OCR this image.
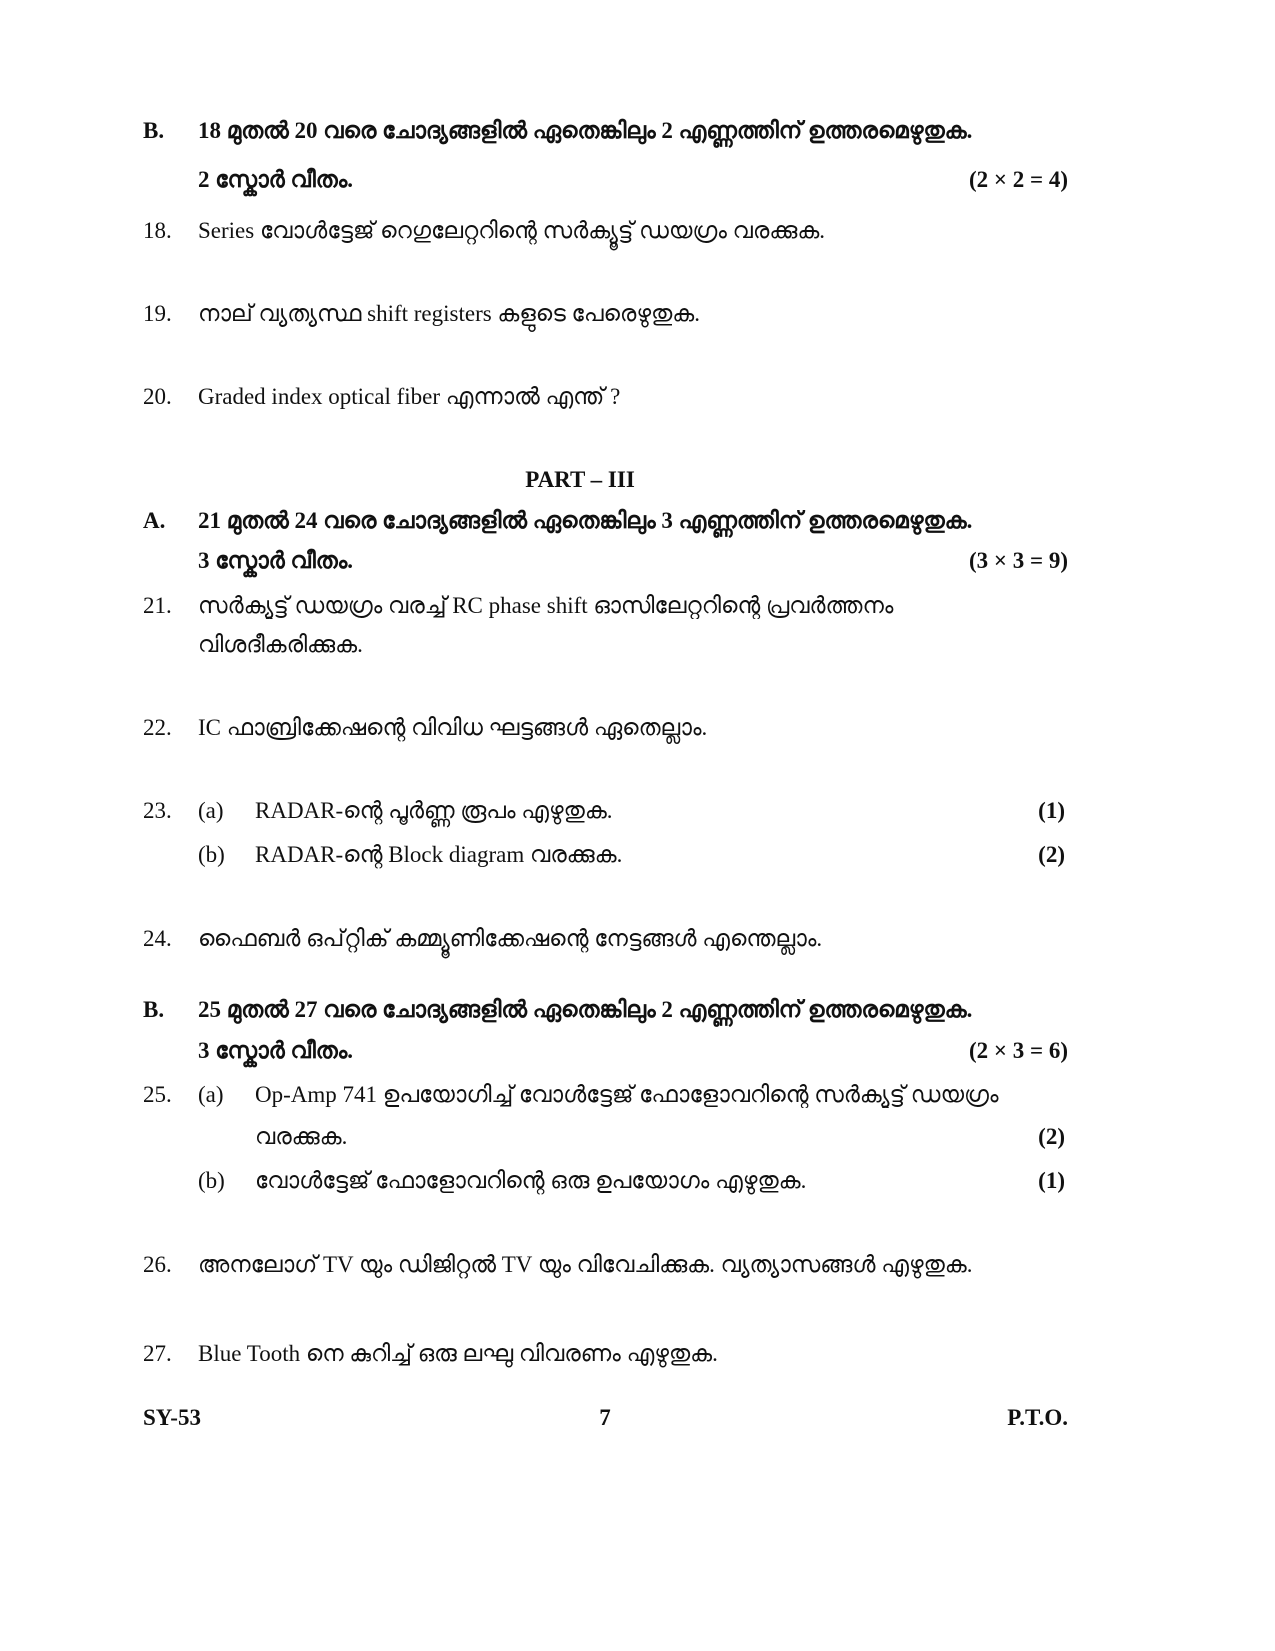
B. 18 മുതൽ 20 വരെ ചോദ്യങ്ങളിൽ ഏതെങ്കിലും 2 എണ്ണത്തിന് ഉത്തരമെഴുതുക.
2 സ്കോർ വീതം.	(2 × 2 = 4)
18. Series വോൾട്ടേജ് റെഗുലേറ്ററിന്റെ സർക്യൂട്ട് ഡയഗ്രം വരക്കുക.
19. നാല് വ്യത്യസ്ഥ shift registers കളുടെ പേരെഴുതുക.
20. Graded index optical fiber എന്നാൽ എന്ത് ?
PART – III
A. 21 മുതൽ 24 വരെ ചോദ്യങ്ങളിൽ ഏതെങ്കിലും 3 എണ്ണത്തിന് ഉത്തരമെഴുതുക.
3 സ്കോർ വീതം.	(3 × 3 = 9)
21. സർക്യൂട്ട് ഡയഗ്രം വരച്ച് RC phase shift ഓസിലേറ്ററിന്റെ പ്രവർത്തനം
വിശദീകരിക്കുക.
22. IC ഫാബ്രിക്കേഷന്റെ വിവിധ ഘട്ടങ്ങൾ ഏതെല്ലാം.
23. (a) RADAR-ന്റെ പൂർണ്ണ രൂപം എഴുതുക.	(1)
(b) RADAR-ന്റെ Block diagram വരക്കുക.	(2)
24. ഫൈബർ ഒപ്റ്റിക് കമ്മ്യൂണിക്കേഷന്റെ നേട്ടങ്ങൾ എന്തെല്ലാം.
B. 25 മുതൽ 27 വരെ ചോദ്യങ്ങളിൽ ഏതെങ്കിലും 2 എണ്ണത്തിന് ഉത്തരമെഴുതുക.
3 സ്കോർ വീതം.	(2 × 3 = 6)
25. (a) Op-Amp 741 ഉപയോഗിച്ച് വോൾട്ടേജ് ഫോളോവറിന്റെ സർക്യൂട്ട് ഡയഗ്രം
വരക്കുക.	(2)
(b) വോൾട്ടേജ് ഫോളോവറിന്റെ ഒരു ഉപയോഗം എഴുതുക.	(1)
26. അനലോഗ് TV യും ഡിജിറ്റൽ TV യും വിവേചിക്കുക. വ്യത്യാസങ്ങൾ എഴുതുക.
27. Blue Tooth നെ കുറിച്ച് ഒരു ലഘു വിവരണം എഴുതുക.
SY-53	7	P.T.O.
